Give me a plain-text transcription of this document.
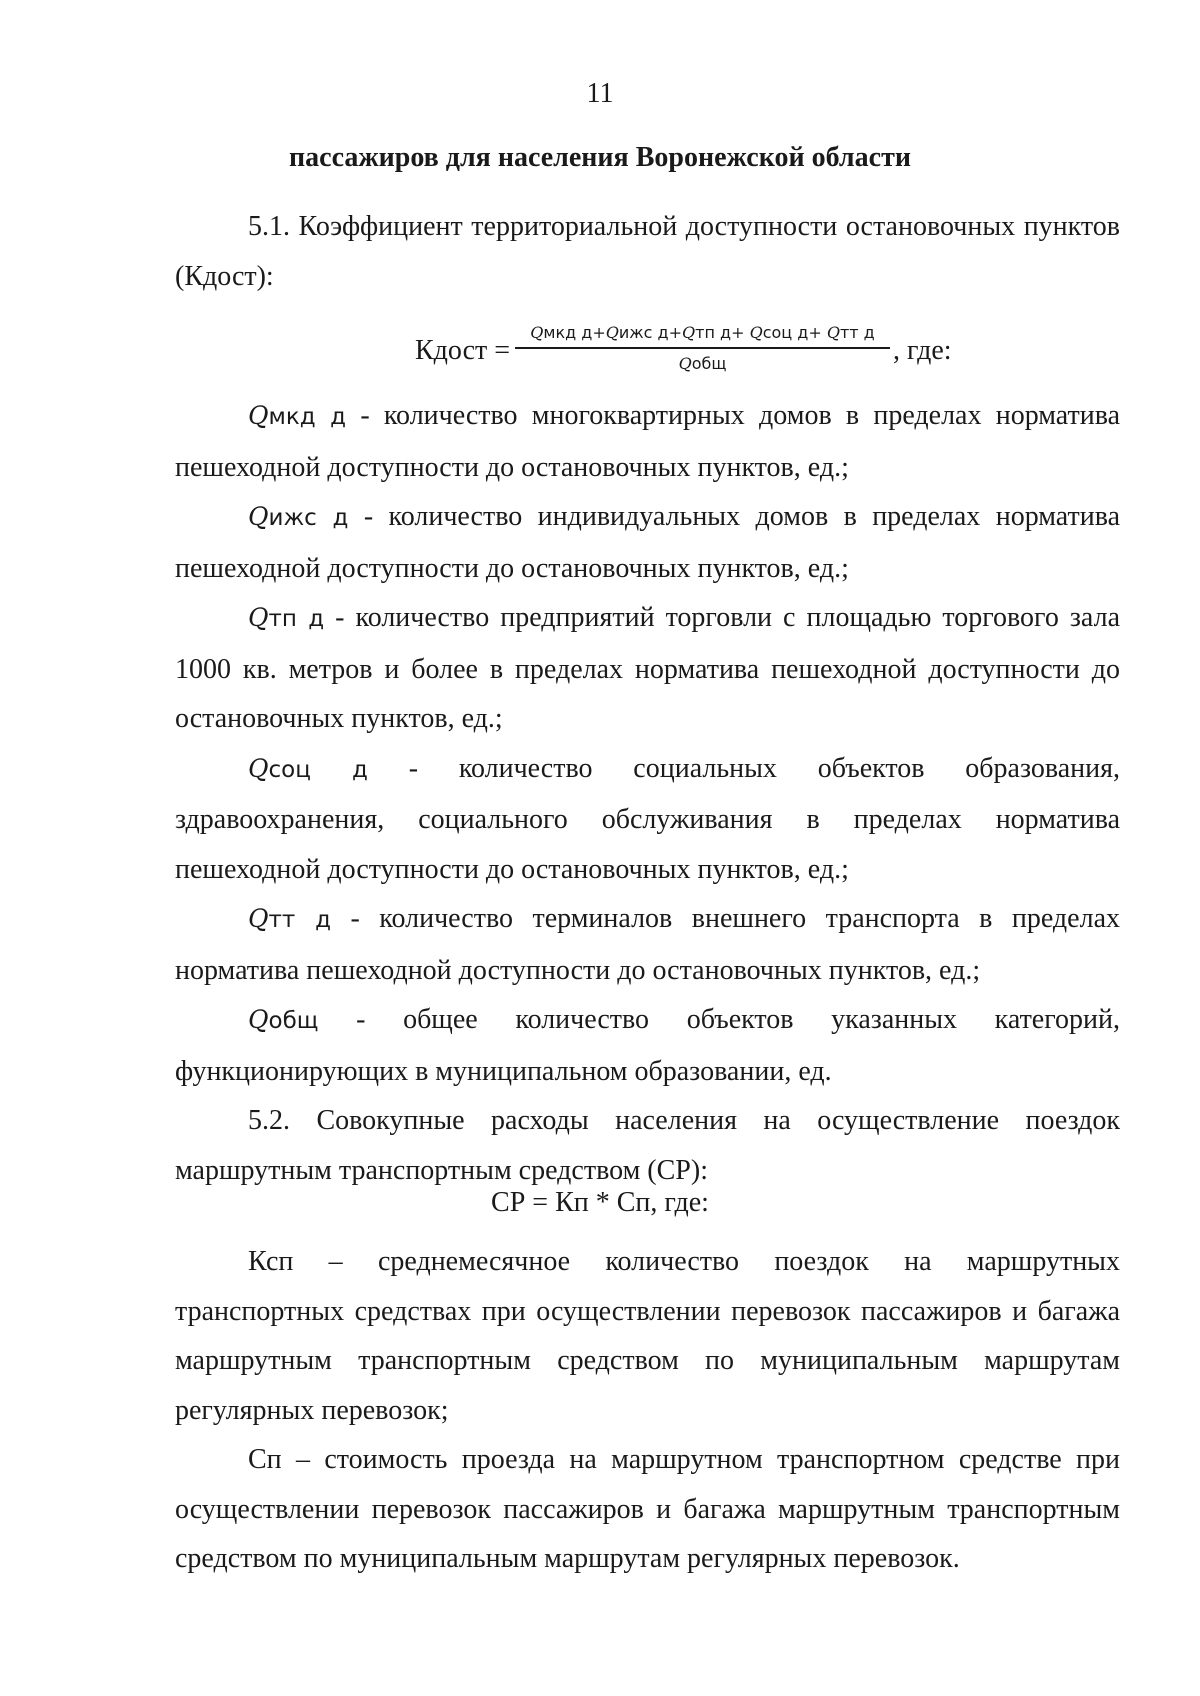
11
пассажиров для населения Воронежской области

5.1. Коэффициент территориальной доступности остановочных пунктов (Кдост):

Кдост =
Qмкд д+Qижс д+Qтп д+ Qсоц д+ Qтт д
Qобщ	, где:

Qмкд д - количество многоквартирных домов в пределах норматива пешеходной доступности до остановочных пунктов, ед.;

Qижс д - количество индивидуальных домов в пределах норматива пешеходной доступности до остановочных пунктов, ед.;

Qтп д - количество предприятий торговли с площадью торгового зала 1000 кв. метров и более в пределах норматива пешеходной доступности до остановочных пунктов, ед.;

Qсоц д - количество социальных объектов образования, здравоохранения, социального обслуживания в пределах норматива пешеходной доступности до остановочных пунктов, ед.;

Qтт д - количество терминалов внешнего транспорта в пределах норматива пешеходной доступности до остановочных пунктов, ед.;

Qобщ - общее количество объектов указанных категорий, функционирующих в муниципальном образовании, ед.

5.2. Совокупные расходы населения на осуществление поездок маршрутным транспортным средством (СР):

СР = Кп * Сп, где:

Ксп – среднемесячное количество поездок на маршрутных транспортных средствах при осуществлении перевозок пассажиров и багажа маршрутным транспортным средством по муниципальным маршрутам регулярных перевозок;

Сп – стоимость проезда на маршрутном транспортном средстве при осуществлении перевозок пассажиров и багажа маршрутным транспортным средством по муниципальным маршрутам регулярных перевозок.
